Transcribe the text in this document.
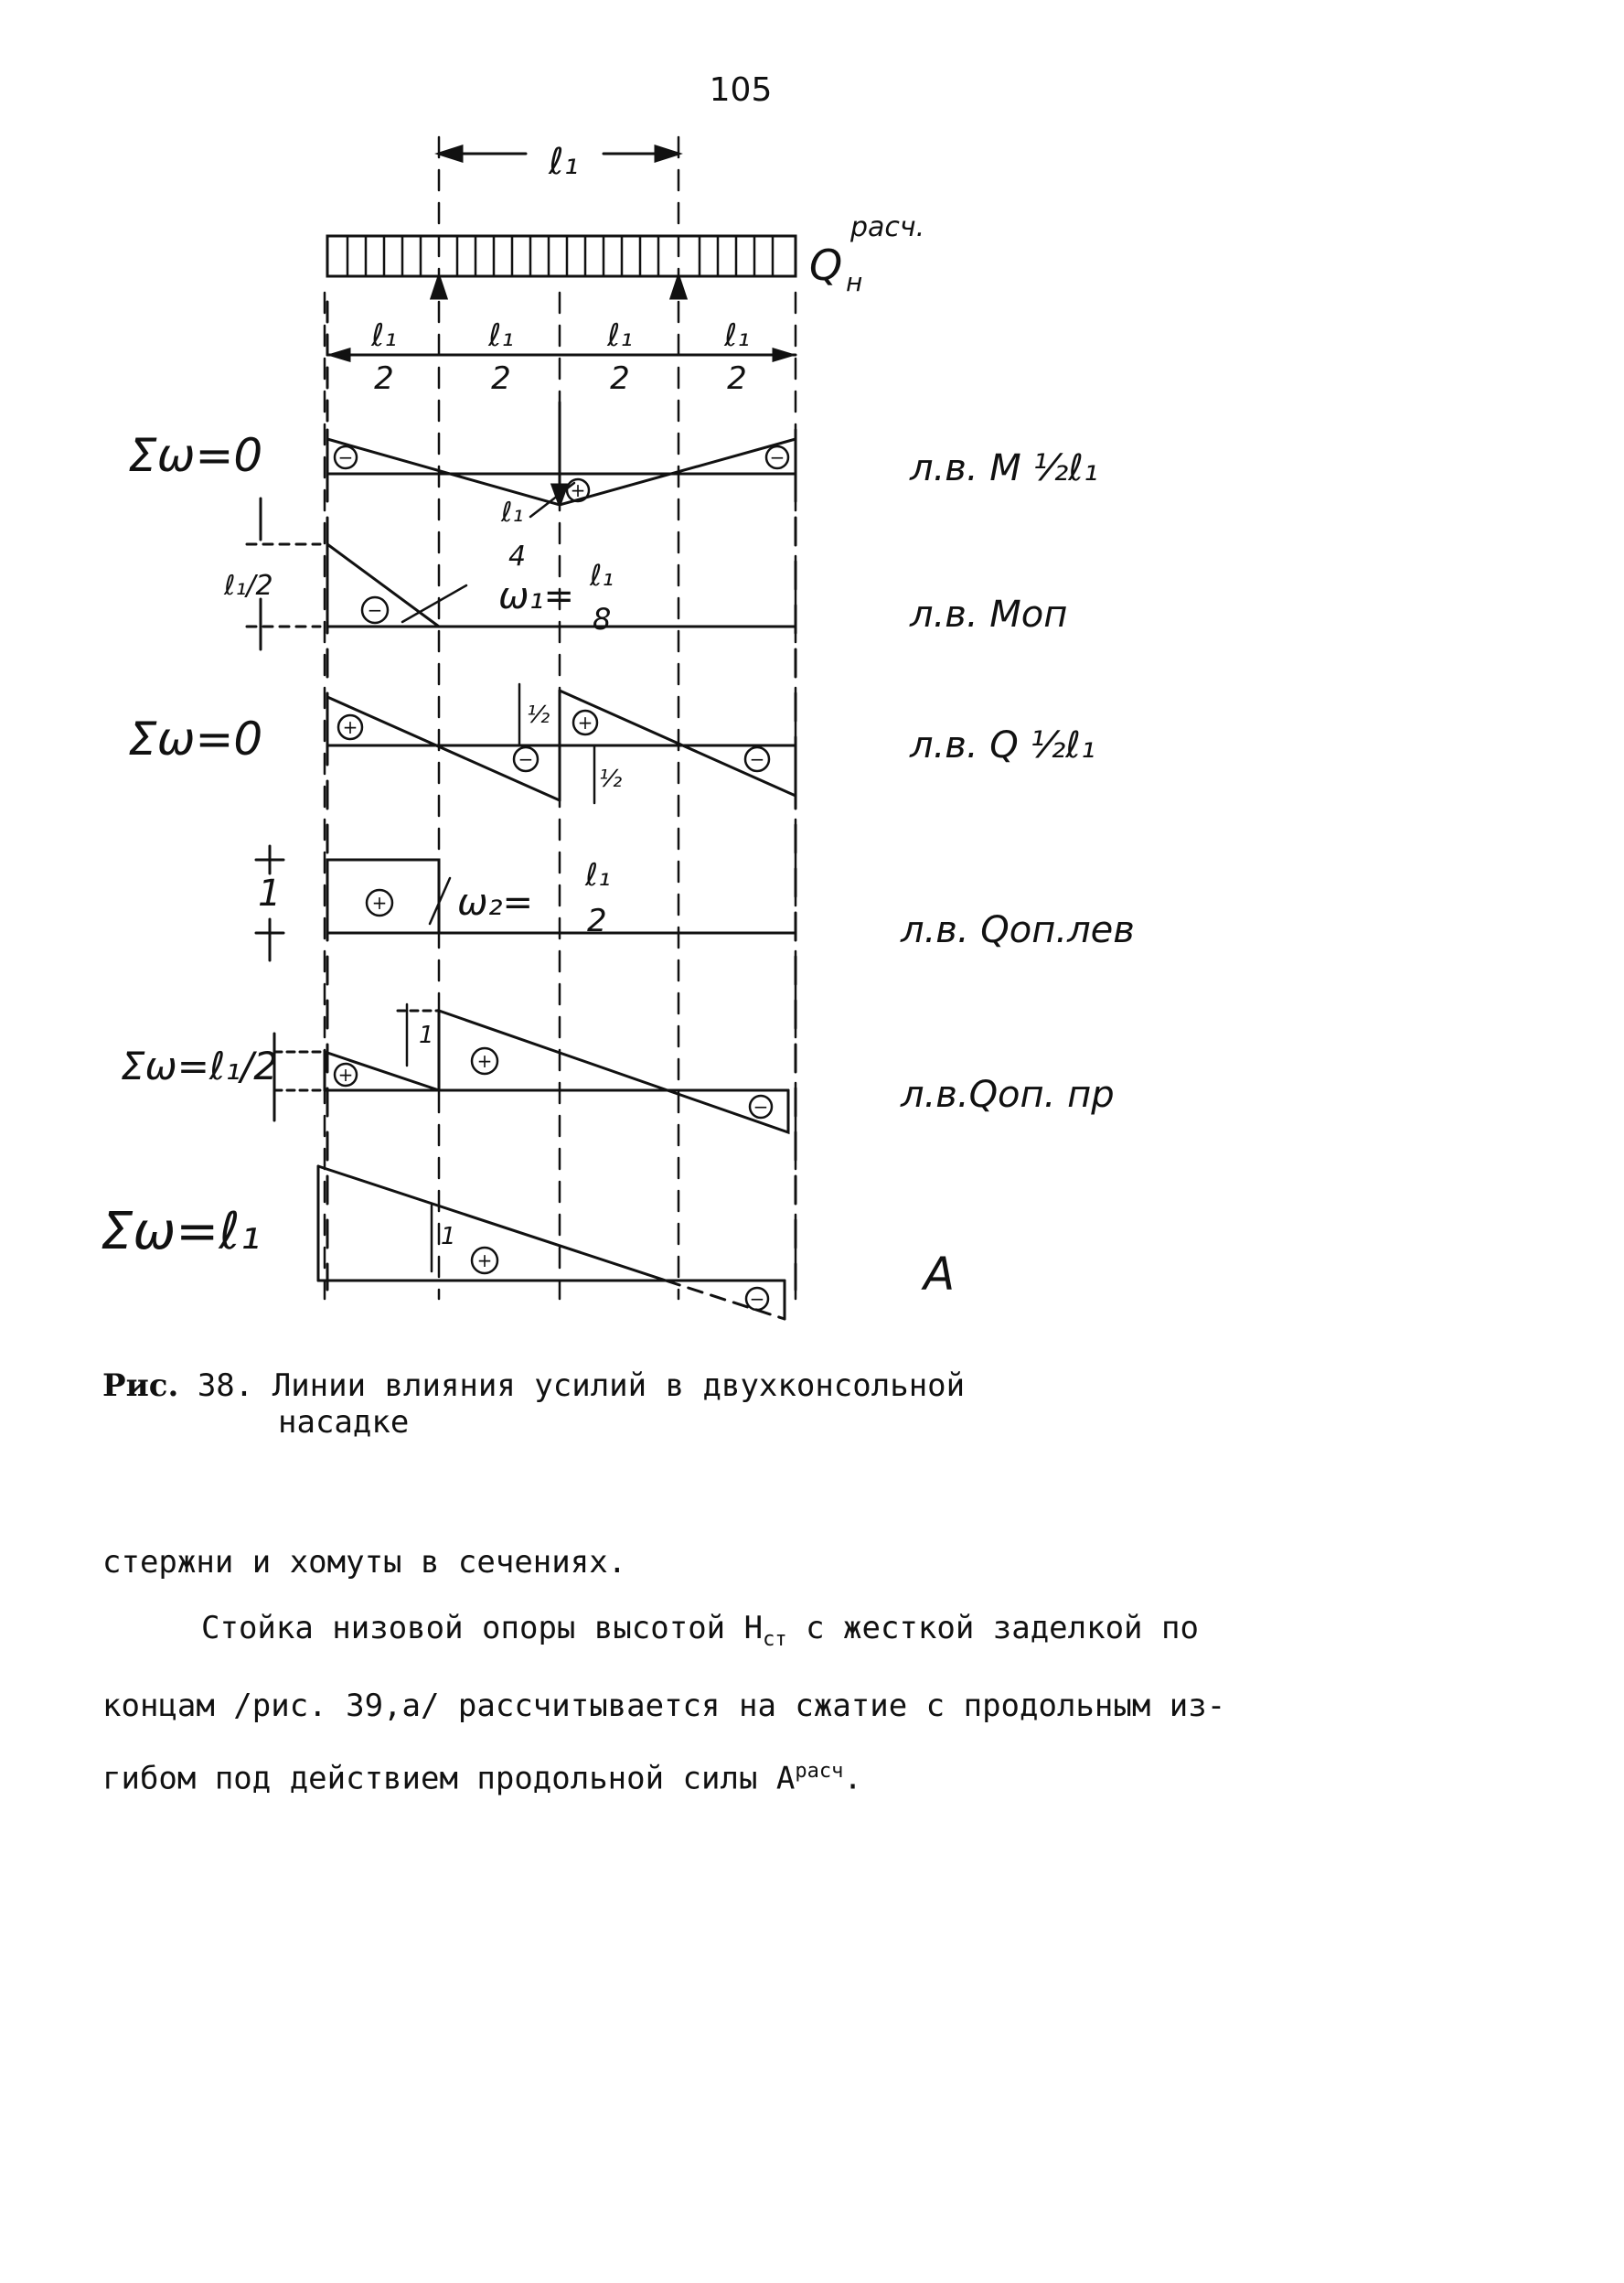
105
−
+
−
−
+	+
−	−
+
+
+
−
+
−
ℓ₁
Q н
расч.
ℓ₁
2
ℓ₁
2
ℓ₁
2
ℓ₁
2
Σω=0	л.в. M ½ℓ₁
ℓ₁
4
ℓ₁/2	ω₁= ℓ₁
8	л.в. Mоп
Σω=0	л.в. Q ½ℓ₁
½
½
1	ω₂=
ℓ₁
2	л.в. Qоп.лев
Σω=ℓ₁/2
1
л.в.Qоп. пр
Σω=ℓ₁	1
A
Рис. 38. Линии влияния усилий в двухконсольной
насадке

стержни и хомуты в сечениях.

Стойка низовой опоры высотой $H_{ст}$ с жесткой заделкой по

концам /рис. 39,а/ рассчитывается на сжатие с продольным из-

гибом под действием продольной силы $A^{расч}$.
